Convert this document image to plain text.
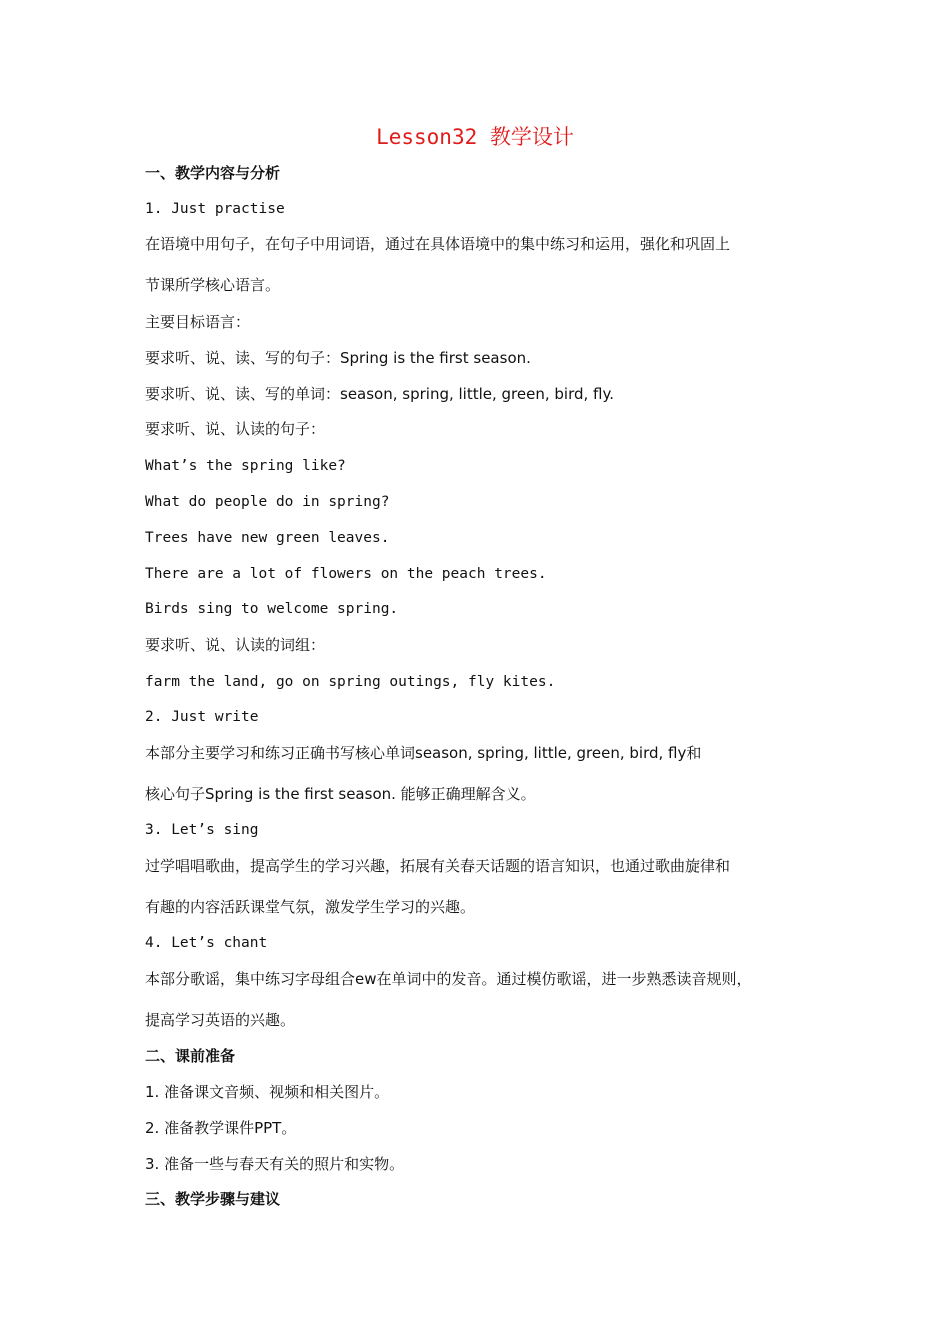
Lesson32 教学设计
一、教学内容与分析
1. Just practise
在语境中用句子，在句子中用词语，通过在具体语境中的集中练习和运用，强化和巩固上
节课所学核心语言。
主要目标语言：
要求听、说、读、写的句子：Spring is the first season.
要求听、说、读、写的单词：season, spring, little, green, bird, fly.
要求听、说、认读的句子：
What’s the spring like?
What do people do in spring?
Trees have new green leaves.
There are a lot of flowers on the peach trees.
Birds sing to welcome spring.
要求听、说、认读的词组：
farm the land, go on spring outings, fly kites.
2. Just write
本部分主要学习和练习正确书写核心单词season, spring, little, green, bird, fly和
核心句子Spring is the first season. 能够正确理解含义。
3. Let’s sing
过学唱唱歌曲，提高学生的学习兴趣，拓展有关春天话题的语言知识，也通过歌曲旋律和
有趣的内容活跃课堂气氛，激发学生学习的兴趣。
4. Let’s chant
本部分歌谣，集中练习字母组合ew在单词中的发音。通过模仿歌谣，进一步熟悉读音规则，
提高学习英语的兴趣。
二、课前准备
1. 准备课文音频、视频和相关图片。
2. 准备教学课件PPT。
3. 准备一些与春天有关的照片和实物。
三、教学步骤与建议
